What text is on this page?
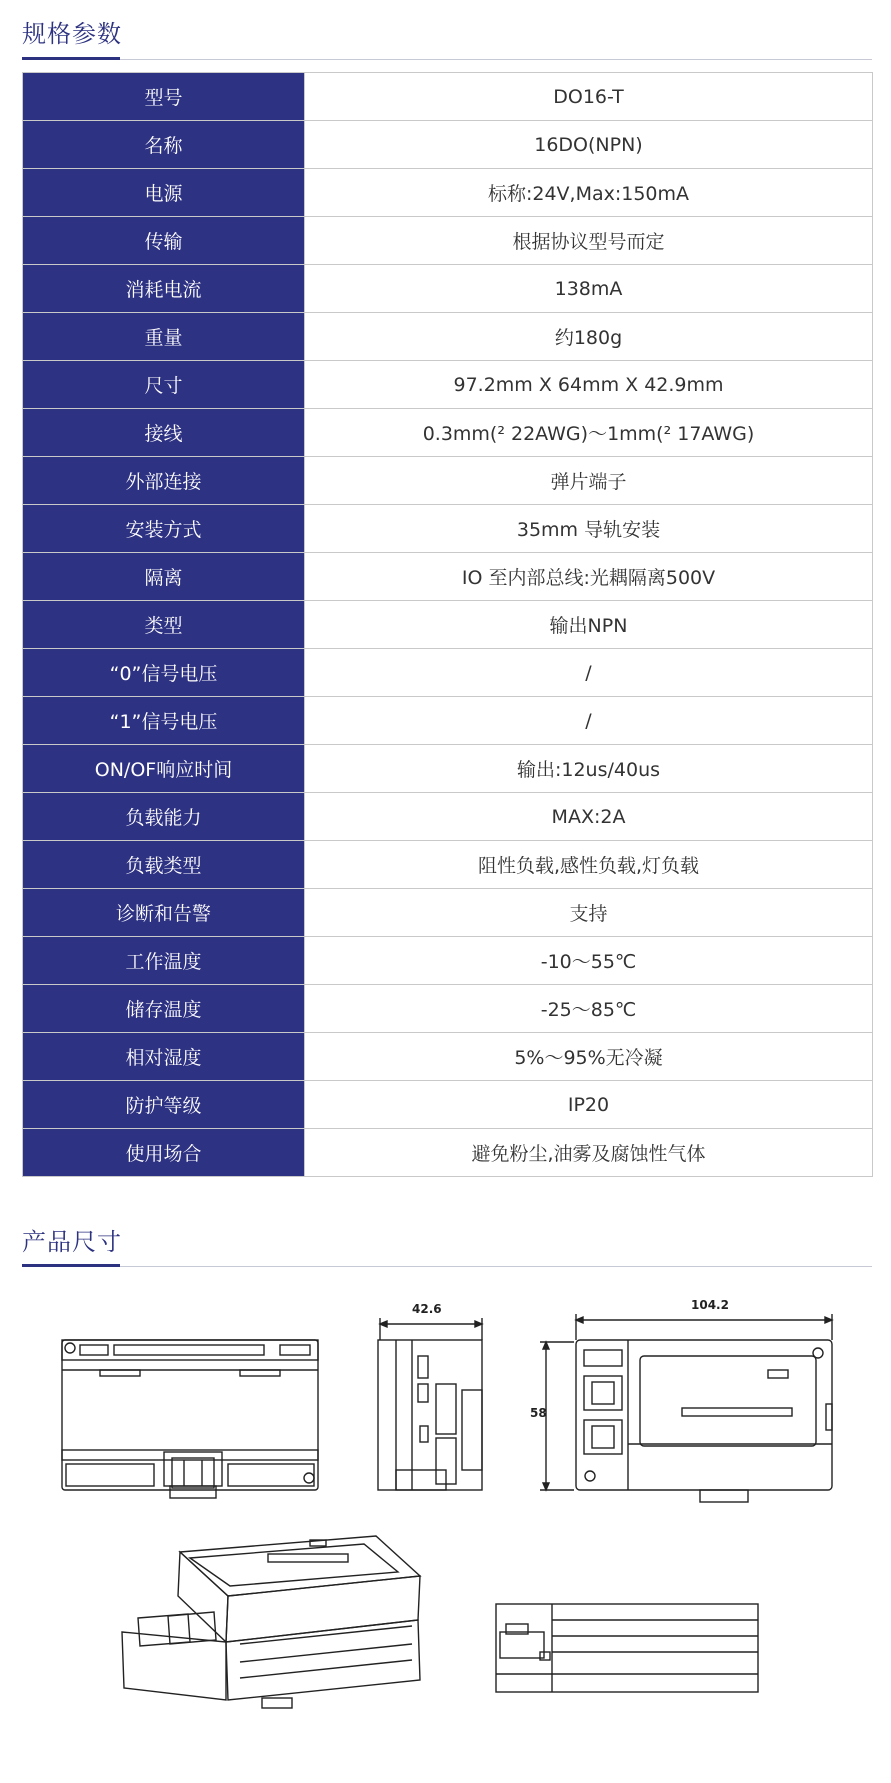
规格参数
型号	DO16-T
名称	16DO(NPN)
电源	标称:24V,Max:150mA
传输	根据协议型号而定
消耗电流	138mA
重量	约180g
尺寸	97.2mm X 64mm X 42.9mm
接线	0.3mm(² 22AWG)～1mm(² 17AWG)
外部连接	弹片端子
安装方式	35mm 导轨安装
隔离	IO 至内部总线:光耦隔离500V
类型	输出NPN
“0”信号电压	/
“1”信号电压	/
ON/OF响应时间	输出:12us/40us
负载能力	MAX:2A
负载类型	阻性负载,感性负载,灯负载
诊断和告警	支持
工作温度	-10～55℃
储存温度	-25～85℃
相对湿度	5%～95%无冷凝
防护等级	IP20
使用场合	避免粉尘,油雾及腐蚀性气体
产品尺寸
42.6	104.2
58
